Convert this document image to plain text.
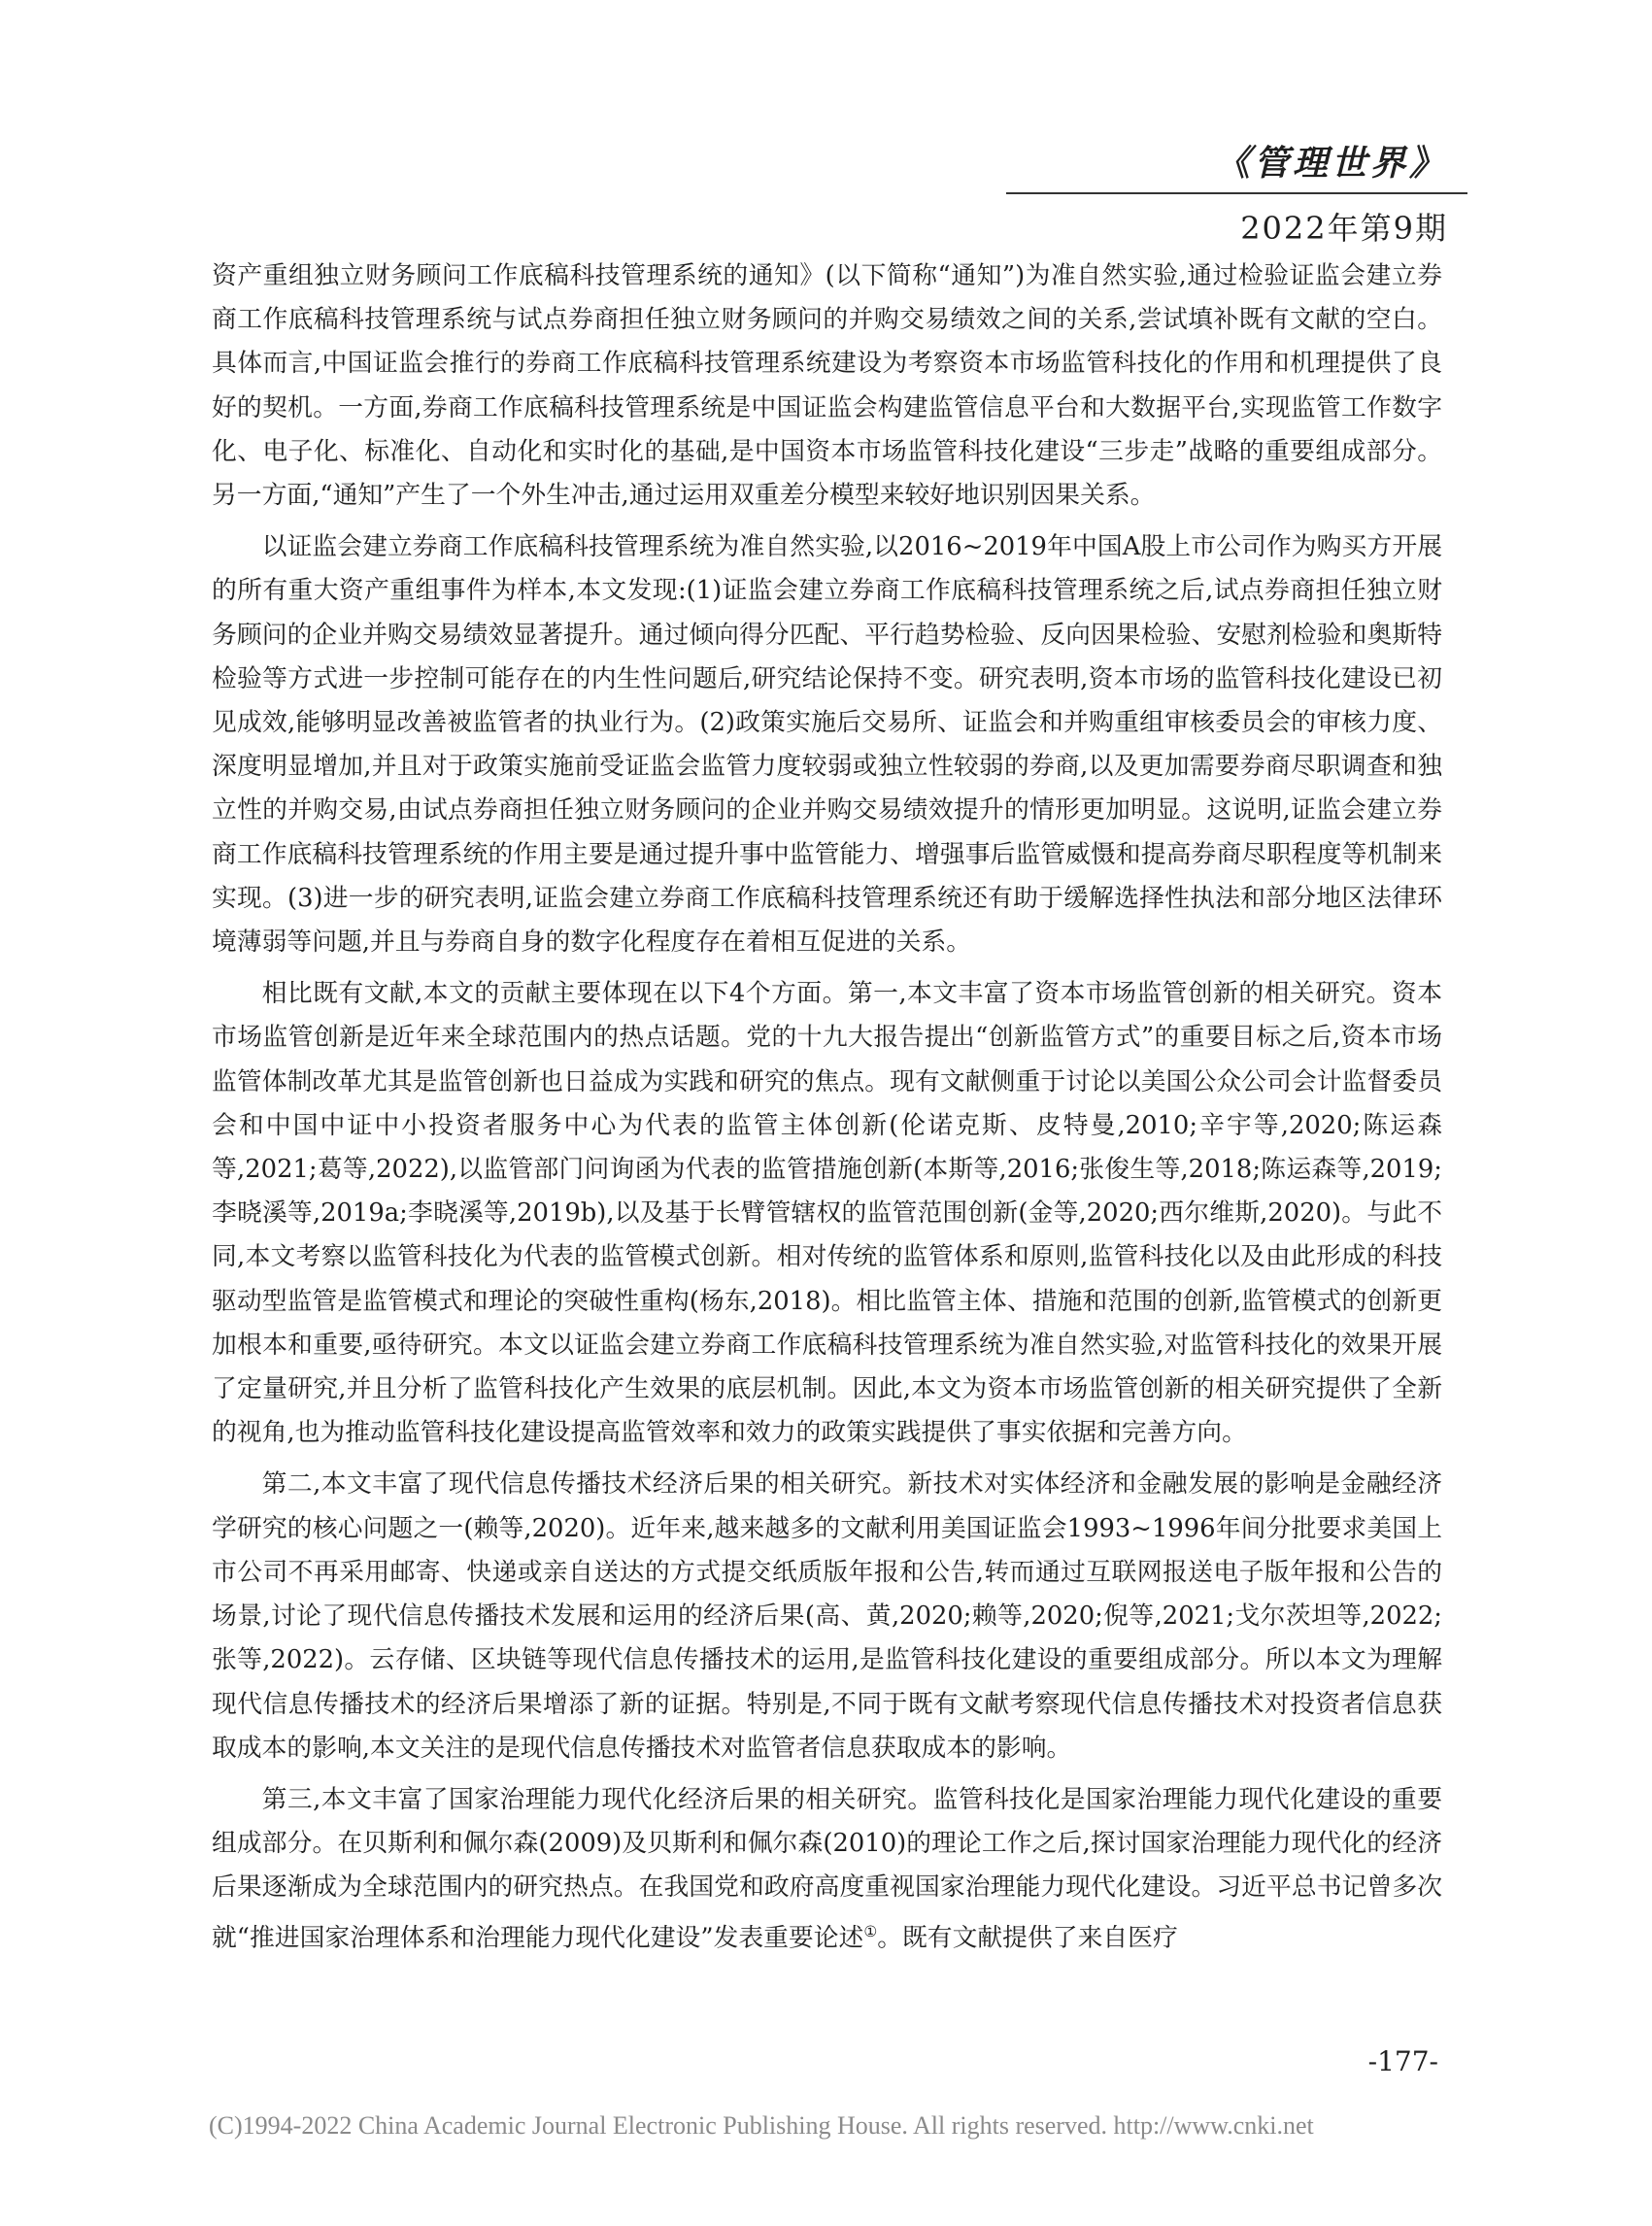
《管理世界》
2022年第9期

资产重组独立财务顾问工作底稿科技管理系统的通知》(以下简称“通知”)为准自然实验,通过检验证监会建立券商工作底稿科技管理系统与试点券商担任独立财务顾问的并购交易绩效之间的关系,尝试填补既有文献的空白。具体而言,中国证监会推行的券商工作底稿科技管理系统建设为考察资本市场监管科技化的作用和机理提供了良好的契机。一方面,券商工作底稿科技管理系统是中国证监会构建监管信息平台和大数据平台,实现监管工作数字化、电子化、标准化、自动化和实时化的基础,是中国资本市场监管科技化建设“三步走”战略的重要组成部分。另一方面,“通知”产生了一个外生冲击,通过运用双重差分模型来较好地识别因果关系。

以证监会建立券商工作底稿科技管理系统为准自然实验,以2016~2019年中国A股上市公司作为购买方开展的所有重大资产重组事件为样本,本文发现:(1)证监会建立券商工作底稿科技管理系统之后,试点券商担任独立财务顾问的企业并购交易绩效显著提升。通过倾向得分匹配、平行趋势检验、反向因果检验、安慰剂检验和奥斯特检验等方式进一步控制可能存在的内生性问题后,研究结论保持不变。研究表明,资本市场的监管科技化建设已初见成效,能够明显改善被监管者的执业行为。(2)政策实施后交易所、证监会和并购重组审核委员会的审核力度、深度明显增加,并且对于政策实施前受证监会监管力度较弱或独立性较弱的券商,以及更加需要券商尽职调查和独立性的并购交易,由试点券商担任独立财务顾问的企业并购交易绩效提升的情形更加明显。这说明,证监会建立券商工作底稿科技管理系统的作用主要是通过提升事中监管能力、增强事后监管威慑和提高券商尽职程度等机制来实现。(3)进一步的研究表明,证监会建立券商工作底稿科技管理系统还有助于缓解选择性执法和部分地区法律环境薄弱等问题,并且与券商自身的数字化程度存在着相互促进的关系。

相比既有文献,本文的贡献主要体现在以下4个方面。第一,本文丰富了资本市场监管创新的相关研究。资本市场监管创新是近年来全球范围内的热点话题。党的十九大报告提出“创新监管方式”的重要目标之后,资本市场监管体制改革尤其是监管创新也日益成为实践和研究的焦点。现有文献侧重于讨论以美国公众公司会计监督委员会和中国中证中小投资者服务中心为代表的监管主体创新(伦诺克斯、皮特曼,2010;辛宇等,2020;陈运森等,2021;葛等,2022),以监管部门问询函为代表的监管措施创新(本斯等,2016;张俊生等,2018;陈运森等,2019;李晓溪等,2019a;李晓溪等,2019b),以及基于长臂管辖权的监管范围创新(金等,2020;西尔维斯,2020)。与此不同,本文考察以监管科技化为代表的监管模式创新。相对传统的监管体系和原则,监管科技化以及由此形成的科技驱动型监管是监管模式和理论的突破性重构(杨东,2018)。相比监管主体、措施和范围的创新,监管模式的创新更加根本和重要,亟待研究。本文以证监会建立券商工作底稿科技管理系统为准自然实验,对监管科技化的效果开展了定量研究,并且分析了监管科技化产生效果的底层机制。因此,本文为资本市场监管创新的相关研究提供了全新的视角,也为推动监管科技化建设提高监管效率和效力的政策实践提供了事实依据和完善方向。

第二,本文丰富了现代信息传播技术经济后果的相关研究。新技术对实体经济和金融发展的影响是金融经济学研究的核心问题之一(赖等,2020)。近年来,越来越多的文献利用美国证监会1993~1996年间分批要求美国上市公司不再采用邮寄、快递或亲自送达的方式提交纸质版年报和公告,转而通过互联网报送电子版年报和公告的场景,讨论了现代信息传播技术发展和运用的经济后果(高、黄,2020;赖等,2020;倪等,2021;戈尔茨坦等,2022;张等,2022)。云存储、区块链等现代信息传播技术的运用,是监管科技化建设的重要组成部分。所以本文为理解现代信息传播技术的经济后果增添了新的证据。特别是,不同于既有文献考察现代信息传播技术对投资者信息获取成本的影响,本文关注的是现代信息传播技术对监管者信息获取成本的影响。

第三,本文丰富了国家治理能力现代化经济后果的相关研究。监管科技化是国家治理能力现代化建设的重要组成部分。在贝斯利和佩尔森(2009)及贝斯利和佩尔森(2010)的理论工作之后,探讨国家治理能力现代化的经济后果逐渐成为全球范围内的研究热点。在我国党和政府高度重视国家治理能力现代化建设。习近平总书记曾多次就“推进国家治理体系和治理能力现代化建设”发表重要论述①。既有文献提供了来自医疗

-177-
(C)1994-2022 China Academic Journal Electronic Publishing House. All rights reserved. http://www.cnki.net
